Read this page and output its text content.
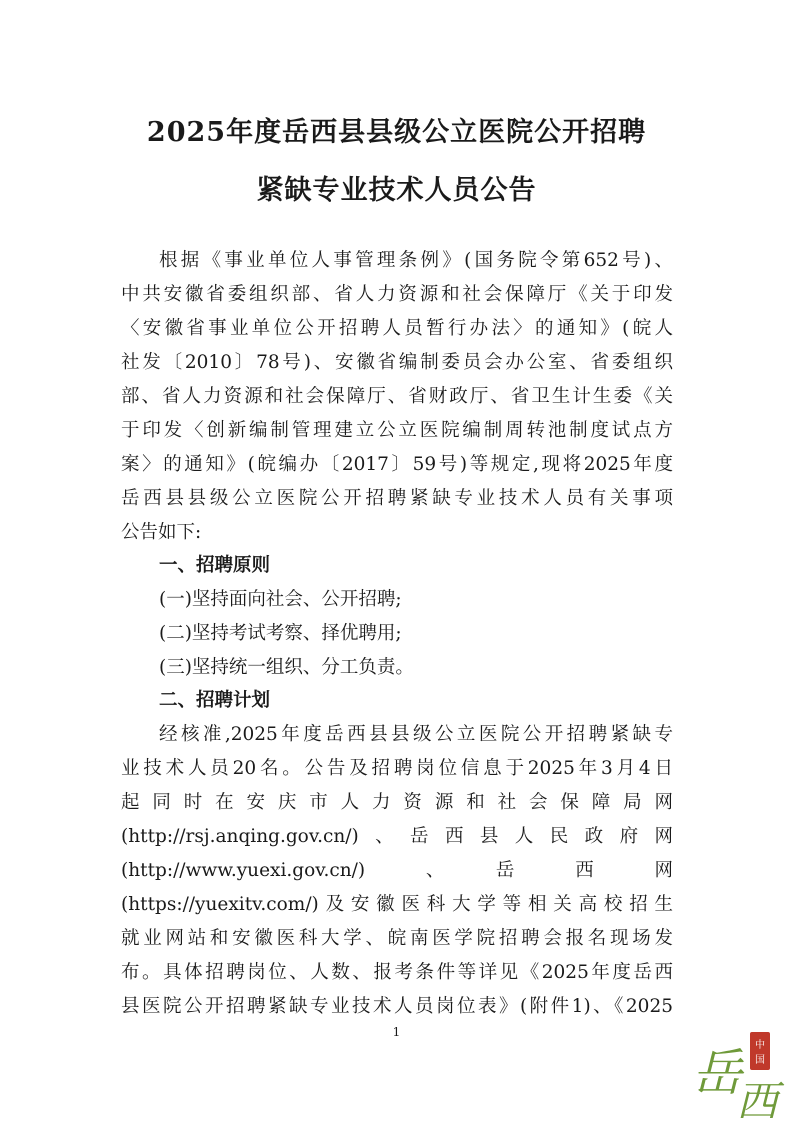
2025年度岳西县县级公立医院公开招聘
紧缺专业技术人员公告
根据《事业单位人事管理条例》(国务院令第652号)、
中共安徽省委组织部、省人力资源和社会保障厅《关于印发
〈安徽省事业单位公开招聘人员暂行办法〉的通知》(皖人
社发〔2010〕78号)、安徽省编制委员会办公室、省委组织
部、省人力资源和社会保障厅、省财政厅、省卫生计生委《关
于印发〈创新编制管理建立公立医院编制周转池制度试点方
案〉的通知》(皖编办〔2017〕59号)等规定,现将2025年度
岳西县县级公立医院公开招聘紧缺专业技术人员有关事项
公告如下:
一、招聘原则
(一)坚持面向社会、公开招聘;
(二)坚持考试考察、择优聘用;
(三)坚持统一组织、分工负责。
二、招聘计划
经核准,2025年度岳西县县级公立医院公开招聘紧缺专
业技术人员20名。公告及招聘岗位信息于2025年3月4日
起同时在安庆市人力资源和社会保障局网
(http://rsj.anqing.gov.cn/)、岳西县人民政府网
(http://www.yuexi.gov.cn/)　　、　　岳　　西　　网
(https://yuexitv.com/)及安徽医科大学等相关高校招生
就业网站和安徽医科大学、皖南医学院招聘会报名现场发
布。具体招聘岗位、人数、报考条件等详见《2025年度岳西
县医院公开招聘紧缺专业技术人员岗位表》(附件1)、《2025
1
岳
西
中
国
